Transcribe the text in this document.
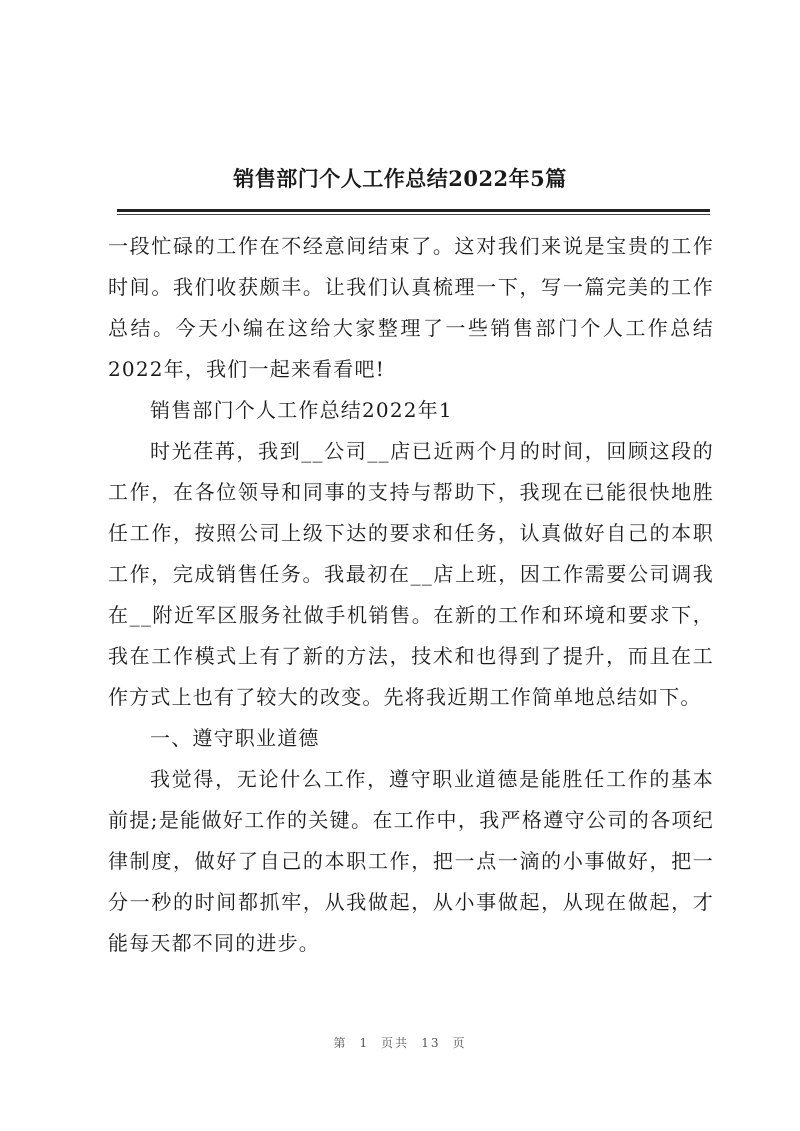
销售部门个人工作总结2022年5篇

一段忙碌的工作在不经意间结束了。这对我们来说是宝贵的工作时间。我们收获颇丰。让我们认真梳理一下，写一篇完美的工作总结。今天小编在这给大家整理了一些销售部门个人工作总结2022年，我们一起来看看吧!

销售部门个人工作总结2022年1

时光荏苒，我到__公司__店已近两个月的时间，回顾这段的工作，在各位领导和同事的支持与帮助下，我现在已能很快地胜任工作，按照公司上级下达的要求和任务，认真做好自己的本职工作，完成销售任务。我最初在__店上班，因工作需要公司调我在__附近军区服务社做手机销售。在新的工作和环境和要求下，我在工作模式上有了新的方法，技术和也得到了提升，而且在工作方式上也有了较大的改变。先将我近期工作简单地总结如下。

一、遵守职业道德

我觉得，无论什么工作，遵守职业道德是能胜任工作的基本前提;是能做好工作的关键。在工作中，我严格遵守公司的各项纪律制度，做好了自己的本职工作，把一点一滴的小事做好，把一分一秒的时间都抓牢，从我做起，从小事做起，从现在做起，才能每天都不同的进步。

第 1 页共 13 页
